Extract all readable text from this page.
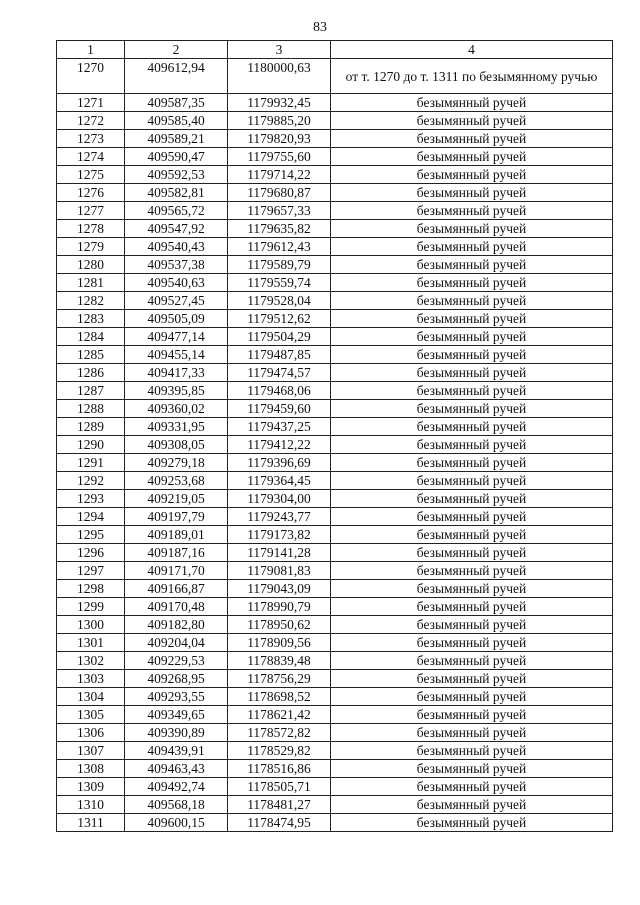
83
1	2	3	4
1270	409612,94	1180000,63	от т. 1270 до т. 1311 по безымянному ручью
1271	409587,35	1179932,45	безымянный ручей
1272	409585,40	1179885,20	безымянный ручей
1273	409589,21	1179820,93	безымянный ручей
1274	409590,47	1179755,60	безымянный ручей
1275	409592,53	1179714,22	безымянный ручей
1276	409582,81	1179680,87	безымянный ручей
1277	409565,72	1179657,33	безымянный ручей
1278	409547,92	1179635,82	безымянный ручей
1279	409540,43	1179612,43	безымянный ручей
1280	409537,38	1179589,79	безымянный ручей
1281	409540,63	1179559,74	безымянный ручей
1282	409527,45	1179528,04	безымянный ручей
1283	409505,09	1179512,62	безымянный ручей
1284	409477,14	1179504,29	безымянный ручей
1285	409455,14	1179487,85	безымянный ручей
1286	409417,33	1179474,57	безымянный ручей
1287	409395,85	1179468,06	безымянный ручей
1288	409360,02	1179459,60	безымянный ручей
1289	409331,95	1179437,25	безымянный ручей
1290	409308,05	1179412,22	безымянный ручей
1291	409279,18	1179396,69	безымянный ручей
1292	409253,68	1179364,45	безымянный ручей
1293	409219,05	1179304,00	безымянный ручей
1294	409197,79	1179243,77	безымянный ручей
1295	409189,01	1179173,82	безымянный ручей
1296	409187,16	1179141,28	безымянный ручей
1297	409171,70	1179081,83	безымянный ручей
1298	409166,87	1179043,09	безымянный ручей
1299	409170,48	1178990,79	безымянный ручей
1300	409182,80	1178950,62	безымянный ручей
1301	409204,04	1178909,56	безымянный ручей
1302	409229,53	1178839,48	безымянный ручей
1303	409268,95	1178756,29	безымянный ручей
1304	409293,55	1178698,52	безымянный ручей
1305	409349,65	1178621,42	безымянный ручей
1306	409390,89	1178572,82	безымянный ручей
1307	409439,91	1178529,82	безымянный ручей
1308	409463,43	1178516,86	безымянный ручей
1309	409492,74	1178505,71	безымянный ручей
1310	409568,18	1178481,27	безымянный ручей
1311	409600,15	1178474,95	безымянный ручей
